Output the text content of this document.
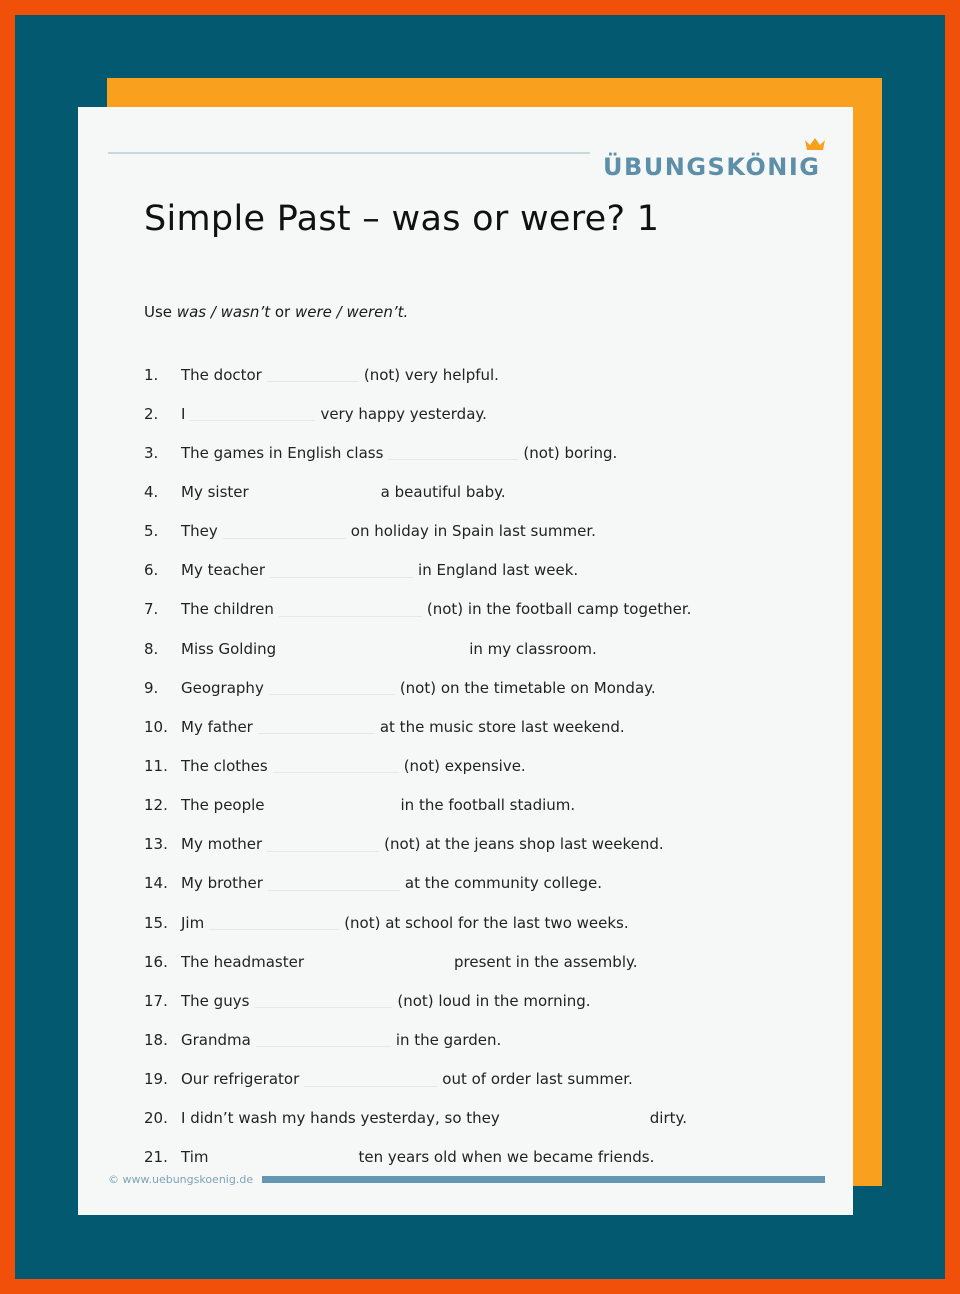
ÜBUNGSKÖNIG
Simple Past – was or were? 1
Use was / wasn’t or were / weren’t.
1.	The doctor	(not) very helpful.
2.	I	very happy yesterday.
3.	The games in English class	(not) boring.
4.	My sister	a beautiful baby.
5.	They	on holiday in Spain last summer.
6.	My teacher	in England last week.
7.	The children	(not) in the football camp together.
8.	Miss Golding	in my classroom.
9.	Geography	(not) on the timetable on Monday.
10. My father	at the music store last weekend.
11. The clothes	(not) expensive.
12. The people	in the football stadium.
13. My mother	(not) at the jeans shop last weekend.
14. My brother	at the community college.
15. Jim	(not) at school for the last two weeks.
16. The headmaster	present in the assembly.
17. The guys	(not) loud in the morning.
18. Grandma	in the garden.
19. Our refrigerator	out of order last summer.
20. I didn’t wash my hands yesterday, so they	dirty.
21. Tim	ten years old when we became friends.
© www.uebungskoenig.de
